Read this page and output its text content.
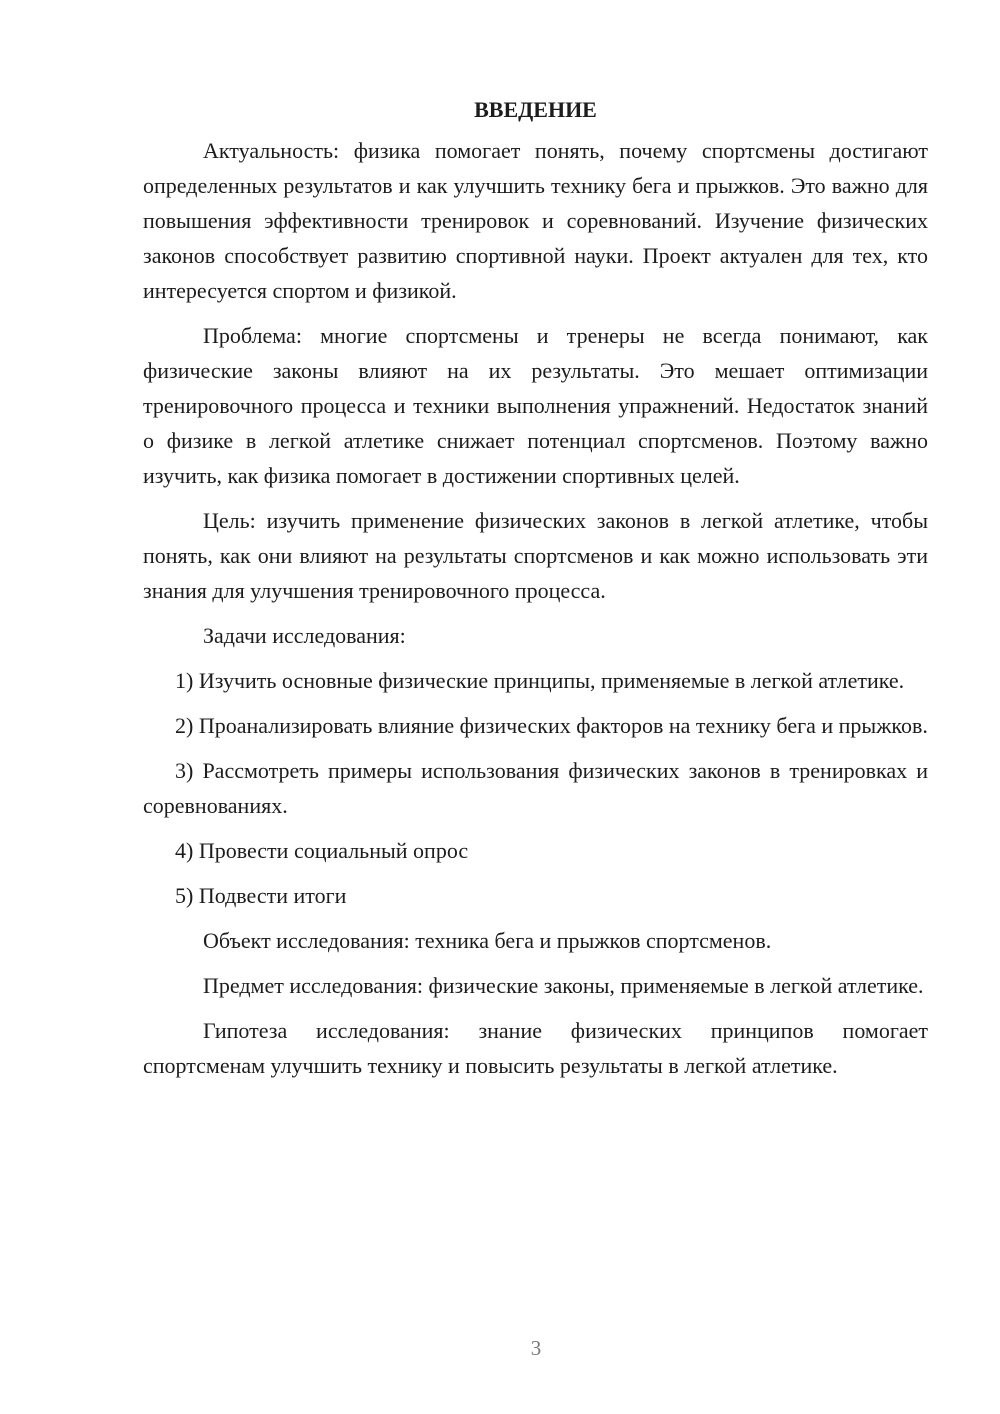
ВВЕДЕНИЕ

Актуальность: физика помогает понять, почему спортсмены достигают определенных результатов и как улучшить технику бега и прыжков. Это важно для повышения эффективности тренировок и соревнований. Изучение физических законов способствует развитию спортивной науки. Проект актуален для тех, кто интересуется спортом и физикой.

Проблема: многие спортсмены и тренеры не всегда понимают, как физические законы влияют на их результаты. Это мешает оптимизации тренировочного процесса и техники выполнения упражнений. Недостаток знаний о физике в легкой атлетике снижает потенциал спортсменов. Поэтому важно изучить, как физика помогает в достижении спортивных целей.

Цель: изучить применение физических законов в легкой атлетике, чтобы понять, как они влияют на результаты спортсменов и как можно использовать эти знания для улучшения тренировочного процесса.

Задачи исследования:

1) Изучить основные физические принципы, применяемые в легкой атлетике.

2) Проанализировать влияние физических факторов на технику бега и прыжков.

3) Рассмотреть примеры использования физических законов в тренировках и соревнованиях.

4) Провести социальный опрос

5) Подвести итоги

Объект исследования: техника бега и прыжков спортсменов.

Предмет исследования: физические законы, применяемые в легкой атлетике.

Гипотеза исследования: знание физических принципов помогает спортсменам улучшить технику и повысить результаты в легкой атлетике.

3
